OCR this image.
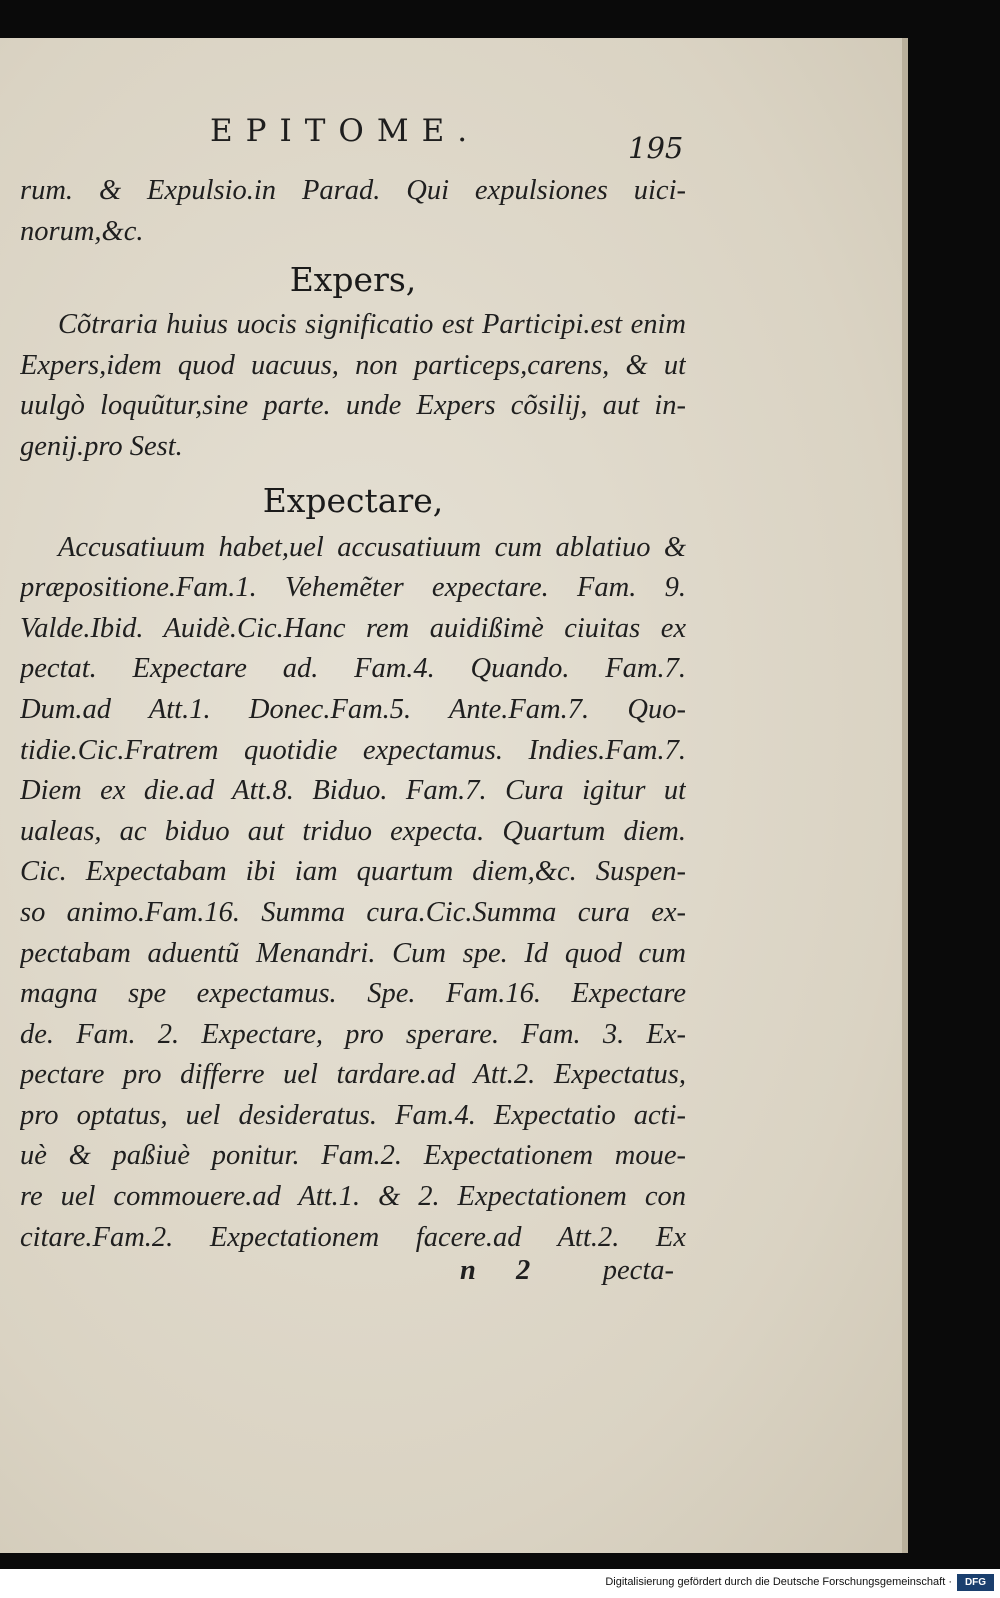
EPITOME.	195
rum. & Expulsio.in Parad. Qui expulsiones uici-
norum,&c.
Expers,
Cõtraria huius uocis significatio est Participi.est enim
Expers,idem quod uacuus, non particeps,carens, & ut
uulgò loquũtur,sine parte. unde Expers cõsilij, aut in-
genij.pro Sest.
Expectare,
Accusatiuum habet,uel accusatiuum cum ablatiuo &
præpositione.Fam.1. Vehemẽter expectare. Fam. 9.
Valde.Ibid. Auidè.Cic.Hanc rem auidißimè ciuitas ex
pectat. Expectare ad. Fam.4. Quando. Fam.7.
Dum.ad Att.1. Donec.Fam.5. Ante.Fam.7. Quo-
tidie.Cic.Fratrem quotidie expectamus. Indies.Fam.7.
Diem ex die.ad Att.8. Biduo. Fam.7. Cura igitur ut
ualeas, ac biduo aut triduo expecta. Quartum diem.
Cic. Expectabam ibi iam quartum diem,&c. Suspen-
so animo.Fam.16. Summa cura.Cic.Summa cura ex-
pectabam aduentũ Menandri. Cum spe. Id quod cum
magna spe expectamus. Spe. Fam.16. Expectare
de. Fam. 2. Expectare, pro sperare. Fam. 3. Ex-
pectare pro differre uel tardare.ad Att.2. Expectatus,
pro optatus, uel desideratus. Fam.4. Expectatio acti-
uè & paßiuè ponitur. Fam.2. Expectationem moue-
re uel commouere.ad Att.1. & 2. Expectationem con
citare.Fam.2. Expectationem facere.ad Att.2. Ex
n 2	pecta-
Digitalisierung gefördert durch die Deutsche Forschungsgemeinschaft ·	DFG
